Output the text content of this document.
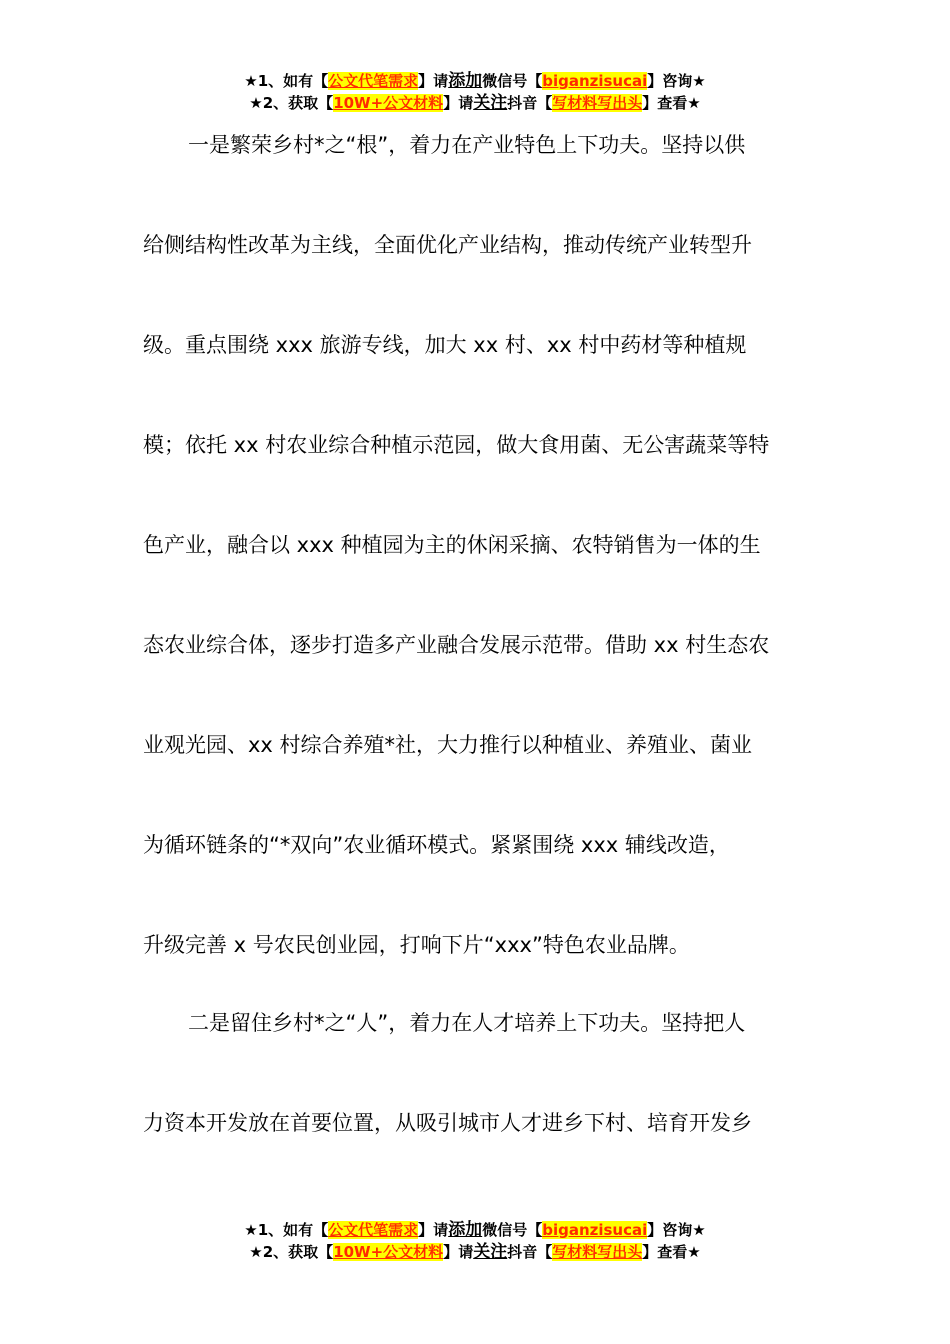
★1、如有【公文代笔需求】请添加微信号【biganzisucai】咨询★
★2、获取【10W+公文材料】请关注抖音【写材料写出头】查看★
一是繁荣乡村*之“根”，着力在产业特色上下功夫。坚持以供
给侧结构性改革为主线，全面优化产业结构，推动传统产业转型升
级。重点围绕 xxx 旅游专线，加大 xx 村、xx 村中药材等种植规
模；依托 xx 村农业综合种植示范园，做大食用菌、无公害蔬菜等特
色产业，融合以 xxx 种植园为主的休闲采摘、农特销售为一体的生
态农业综合体，逐步打造多产业融合发展示范带。借助 xx 村生态农
业观光园、xx 村综合养殖*社，大力推行以种植业、养殖业、菌业
为循环链条的“*双向”农业循环模式。紧紧围绕 xxx 辅线改造，
升级完善 x 号农民创业园，打响下片“xxx”特色农业品牌。
二是留住乡村*之“人”，着力在人才培养上下功夫。坚持把人
力资本开发放在首要位置，从吸引城市人才进乡下村、培育开发乡
★1、如有【公文代笔需求】请添加微信号【biganzisucai】咨询★
★2、获取【10W+公文材料】请关注抖音【写材料写出头】查看★
